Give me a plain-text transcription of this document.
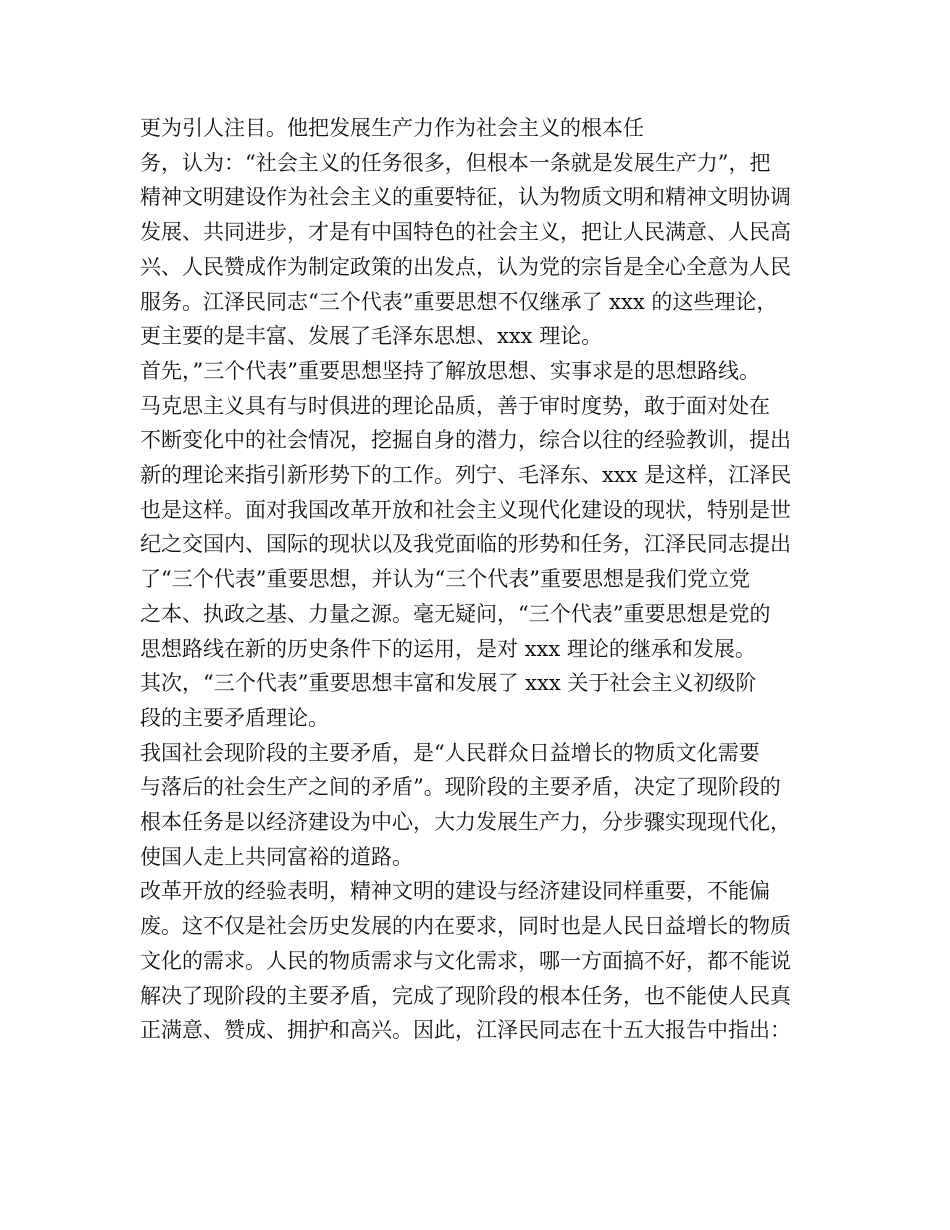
更为引人注目。他把发展生产力作为社会主义的根本任
务，认为：“社会主义的任务很多，但根本一条就是发展生产力”，把
精神文明建设作为社会主义的重要特征，认为物质文明和精神文明协调
发展、共同进步，才是有中国特色的社会主义，把让人民满意、人民高
兴、人民赞成作为制定政策的出发点，认为党的宗旨是全心全意为人民
服务。江泽民同志“三个代表”重要思想不仅继承了 xxx 的这些理论，
更主要的是丰富、发展了毛泽东思想、xxx 理论。
首先，”三个代表”重要思想坚持了解放思想、实事求是的思想路线。
马克思主义具有与时俱进的理论品质，善于审时度势，敢于面对处在
不断变化中的社会情况，挖掘自身的潜力，综合以往的经验教训，提出
新的理论来指引新形势下的工作。列宁、毛泽东、xxx 是这样，江泽民
也是这样。面对我国改革开放和社会主义现代化建设的现状，特别是世
纪之交国内、国际的现状以及我党面临的形势和任务，江泽民同志提出
了“三个代表”重要思想，并认为“三个代表”重要思想是我们党立党
之本、执政之基、力量之源。毫无疑问，“三个代表”重要思想是党的
思想路线在新的历史条件下的运用，是对 xxx 理论的继承和发展。
其次，“三个代表”重要思想丰富和发展了 xxx 关于社会主义初级阶
段的主要矛盾理论。
我国社会现阶段的主要矛盾，是“人民群众日益增长的物质文化需要
与落后的社会生产之间的矛盾”。现阶段的主要矛盾，决定了现阶段的
根本任务是以经济建设为中心，大力发展生产力，分步骤实现现代化，
使国人走上共同富裕的道路。
改革开放的经验表明，精神文明的建设与经济建设同样重要，不能偏
废。这不仅是社会历史发展的内在要求，同时也是人民日益增长的物质
文化的需求。人民的物质需求与文化需求，哪一方面搞不好，都不能说
解决了现阶段的主要矛盾，完成了现阶段的根本任务，也不能使人民真
正满意、赞成、拥护和高兴。因此，江泽民同志在十五大报告中指出：
